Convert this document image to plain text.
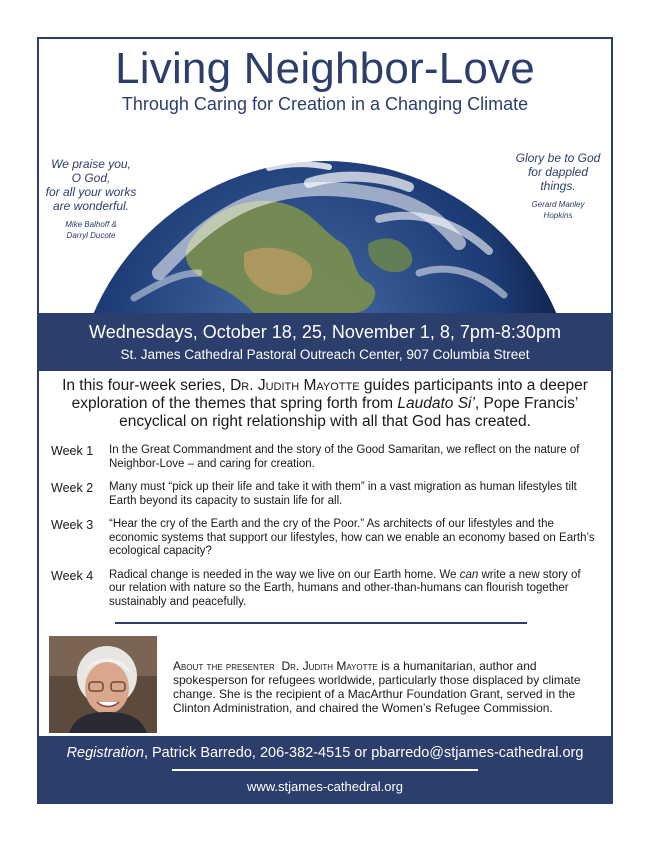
Living Neighbor-Love
Through Caring for Creation in a Changing Climate
We praise you,
O God,
for all your works
are wonderful.
Mike Balhoff &
Darryl Ducote
Glory be to God
for dappled
things.
Gerard Manley
Hopkins
Wednesdays, October 18, 25, November 1, 8, 7pm-8:30pm
St. James Cathedral Pastoral Outreach Center, 907 Columbia Street
In this four-week series, Dr. Judith Mayotte guides participants into a deeper exploration of the themes that spring forth from Laudato Si’, Pope Francis’ encyclical on right relationship with all that God has created.
Week 1	In the Great Commandment and the story of the Good Samaritan, we reflect on the nature of Neighbor-Love – and caring for creation.
Week 2	Many must “pick up their life and take it with them” in a vast migration as human lifestyles tilt Earth beyond its capacity to sustain life for all.
Week 3	“Hear the cry of the Earth and the cry of the Poor.” As architects of our lifestyles and the economic systems that support our lifestyles, how can we enable an economy based on Earth’s ecological capacity?
Week 4	Radical change is needed in the way we live on our Earth home. We can write a new story of our relation with nature so the Earth, humans and other-than-humans can flourish together sustainably and peacefully.
About the presenter Dr. Judith Mayotte is a humanitarian, author and spokesperson for refugees worldwide, particularly those displaced by climate change. She is the recipient of a MacArthur Foundation Grant, served in the Clinton Administration, and chaired the Women’s Refugee Commission.
Registration, Patrick Barredo, 206-382-4515 or pbarredo@stjames-cathedral.org
www.stjames-cathedral.org
